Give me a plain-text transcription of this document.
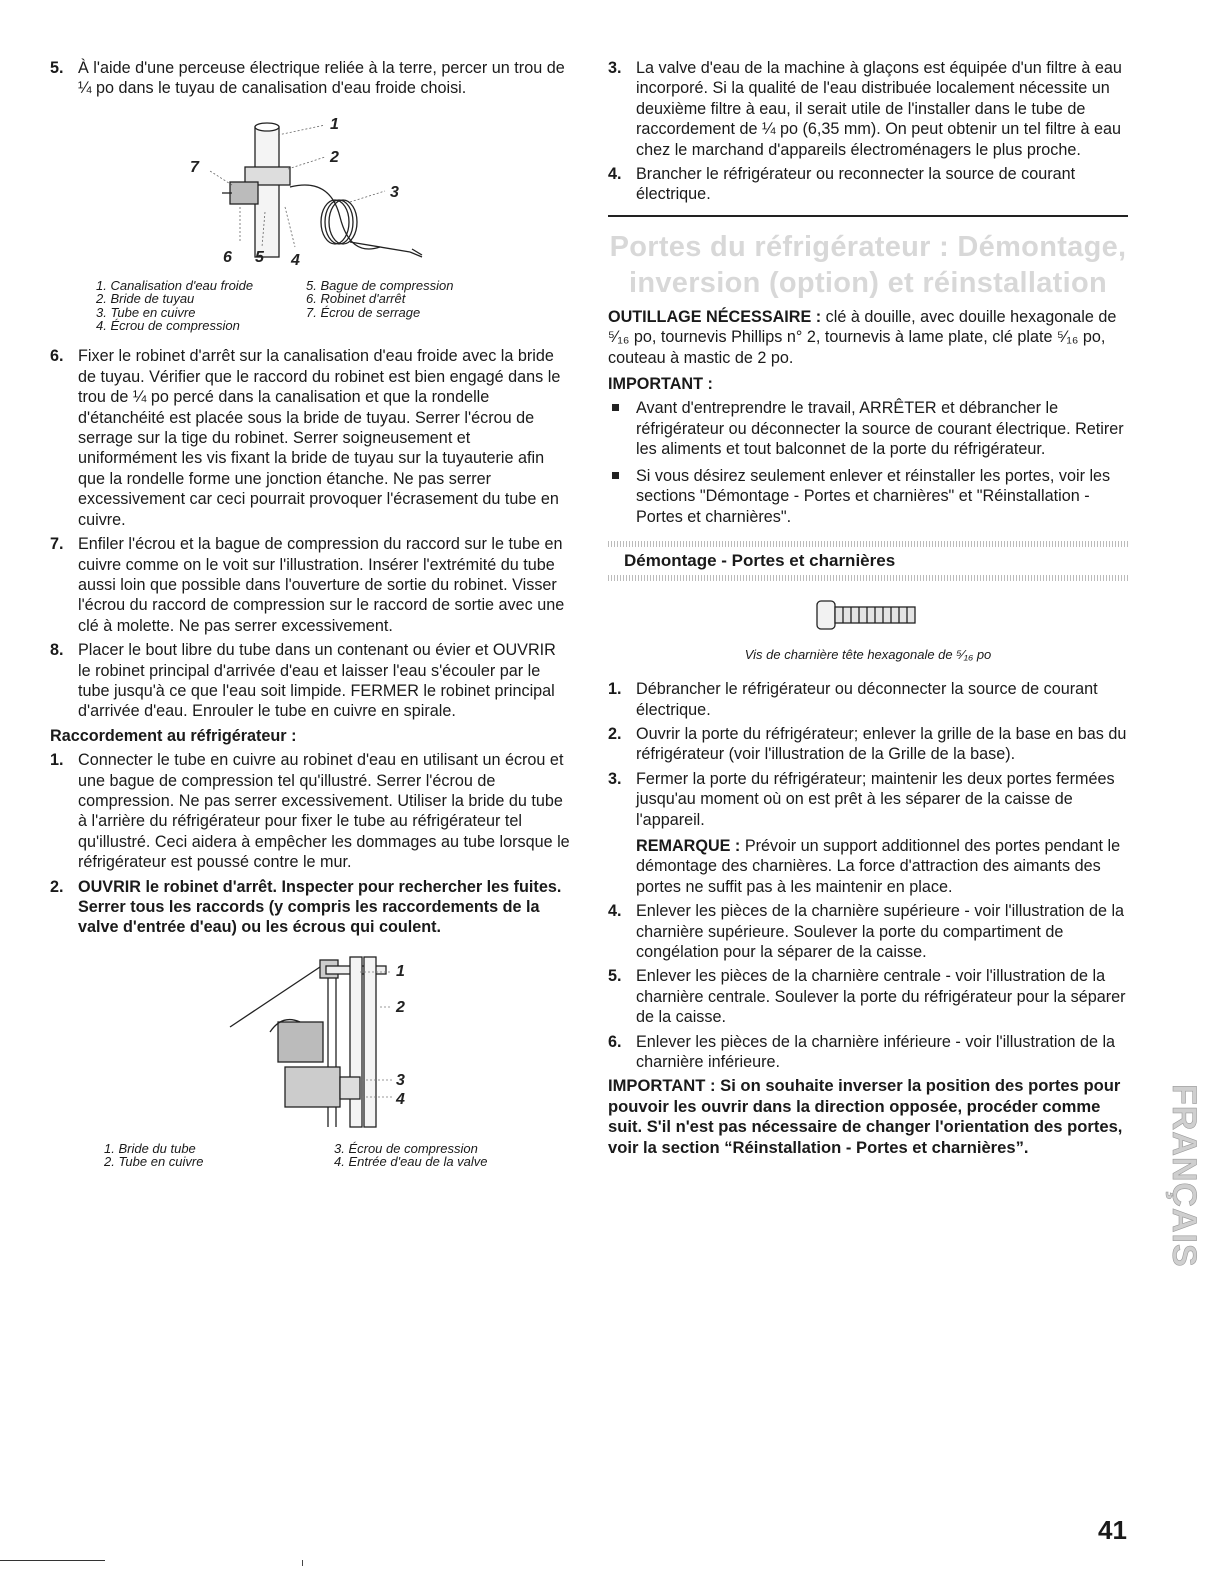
5. À l'aide d'une perceuse électrique reliée à la terre, percer un trou de ¼ po dans le tuyau de canalisation d'eau froide choisi.
1
2
3
4
5
6
7
1. Canalisation d'eau froide	5. Bague de compression
2. Bride de tuyau	6. Robinet d'arrêt
3. Tube en cuivre	7. Écrou de serrage
4. Écrou de compression
6. Fixer le robinet d'arrêt sur la canalisation d'eau froide avec la bride de tuyau. Vérifier que le raccord du robinet est bien engagé dans le trou de ¼ po percé dans la canalisation et que la rondelle d'étanchéité est placée sous la bride de tuyau. Serrer l'écrou de serrage sur la tige du robinet. Serrer soigneusement et uniformément les vis fixant la bride de tuyau sur la tuyauterie afin que la rondelle forme une jonction étanche. Ne pas serrer excessivement car ceci pourrait provoquer l'écrasement du tube en cuivre.
7. Enfiler l'écrou et la bague de compression du raccord sur le tube en cuivre comme on le voit sur l'illustration. Insérer l'extrémité du tube aussi loin que possible dans l'ouverture de sortie du robinet. Visser l'écrou du raccord de compression sur le raccord de sortie avec une clé à molette. Ne pas serrer excessivement.
8. Placer le bout libre du tube dans un contenant ou évier et OUVRIR le robinet principal d'arrivée d'eau et laisser l'eau s'écouler par le tube jusqu'à ce que l'eau soit limpide. FERMER le robinet principal d'arrivée d'eau. Enrouler le tube en cuivre en spirale.
Raccordement au réfrigérateur :
1. Connecter le tube en cuivre au robinet d'eau en utilisant un écrou et une bague de compression tel qu'illustré. Serrer l'écrou de compression. Ne pas serrer excessivement. Utiliser la bride du tube à l'arrière du réfrigérateur pour fixer le tube au réfrigérateur tel qu'illustré. Ceci aidera à empêcher les dommages au tube lorsque le réfrigérateur est poussé contre le mur.
2. OUVRIR le robinet d'arrêt. Inspecter pour rechercher les fuites. Serrer tous les raccords (y compris les raccordements de la valve d'entrée d'eau) ou les écrous qui coulent.
1
2
3
4
1. Bride du tube	3. Écrou de compression
2. Tube en cuivre	4. Entrée d'eau de la valve
3. La valve d'eau de la machine à glaçons est équipée d'un filtre à eau incorporé. Si la qualité de l'eau distribuée localement nécessite un deuxième filtre à eau, il serait utile de l'installer dans le tube de raccordement de ¼ po (6,35 mm). On peut obtenir un tel filtre à eau chez le marchand d'appareils électroménagers le plus proche.
4. Brancher le réfrigérateur ou reconnecter la source de courant électrique.
Portes du réfrigérateur : Démontage,
inversion (option) et réinstallation

OUTILLAGE NÉCESSAIRE : clé à douille, avec douille hexagonale de ⁵⁄₁₆ po, tournevis Phillips n° 2, tournevis à lame plate, clé plate ⁵⁄₁₆ po, couteau à mastic de 2 po.

IMPORTANT :
Avant d'entreprendre le travail, ARRÊTER et débrancher le réfrigérateur ou déconnecter la source de courant électrique. Retirer les aliments et tout balconnet de la porte du réfrigérateur.
Si vous désirez seulement enlever et réinstaller les portes, voir les sections "Démontage - Portes et charnières" et "Réinstallation - Portes et charnières".
Démontage - Portes et charnières
Vis de charnière tête hexagonale de ⁵⁄₁₆ po
1. Débrancher le réfrigérateur ou déconnecter la source de courant électrique.
2. Ouvrir la porte du réfrigérateur; enlever la grille de la base en bas du réfrigérateur (voir l'illustration de la Grille de la base).
3. Fermer la porte du réfrigérateur; maintenir les deux portes fermées jusqu'au moment où on est prêt à les séparer de la caisse de l'appareil.
REMARQUE : Prévoir un support additionnel des portes pendant le démontage des charnières. La force d'attraction des aimants des portes ne suffit pas à les maintenir en place.
4. Enlever les pièces de la charnière supérieure - voir l'illustration de la charnière supérieure. Soulever la porte du compartiment de congélation pour la séparer de la caisse.
5. Enlever les pièces de la charnière centrale - voir l'illustration de la charnière centrale. Soulever la porte du réfrigérateur pour la séparer de la caisse.
6. Enlever les pièces de la charnière inférieure - voir l'illustration de la charnière inférieure.

IMPORTANT : Si on souhaite inverser la position des portes pour pouvoir les ouvrir dans la direction opposée, procéder comme suit. S'il n'est pas nécessaire de changer l'orientation des portes, voir la section “Réinstallation - Portes et charnières”.	FRANÇAIS
41
